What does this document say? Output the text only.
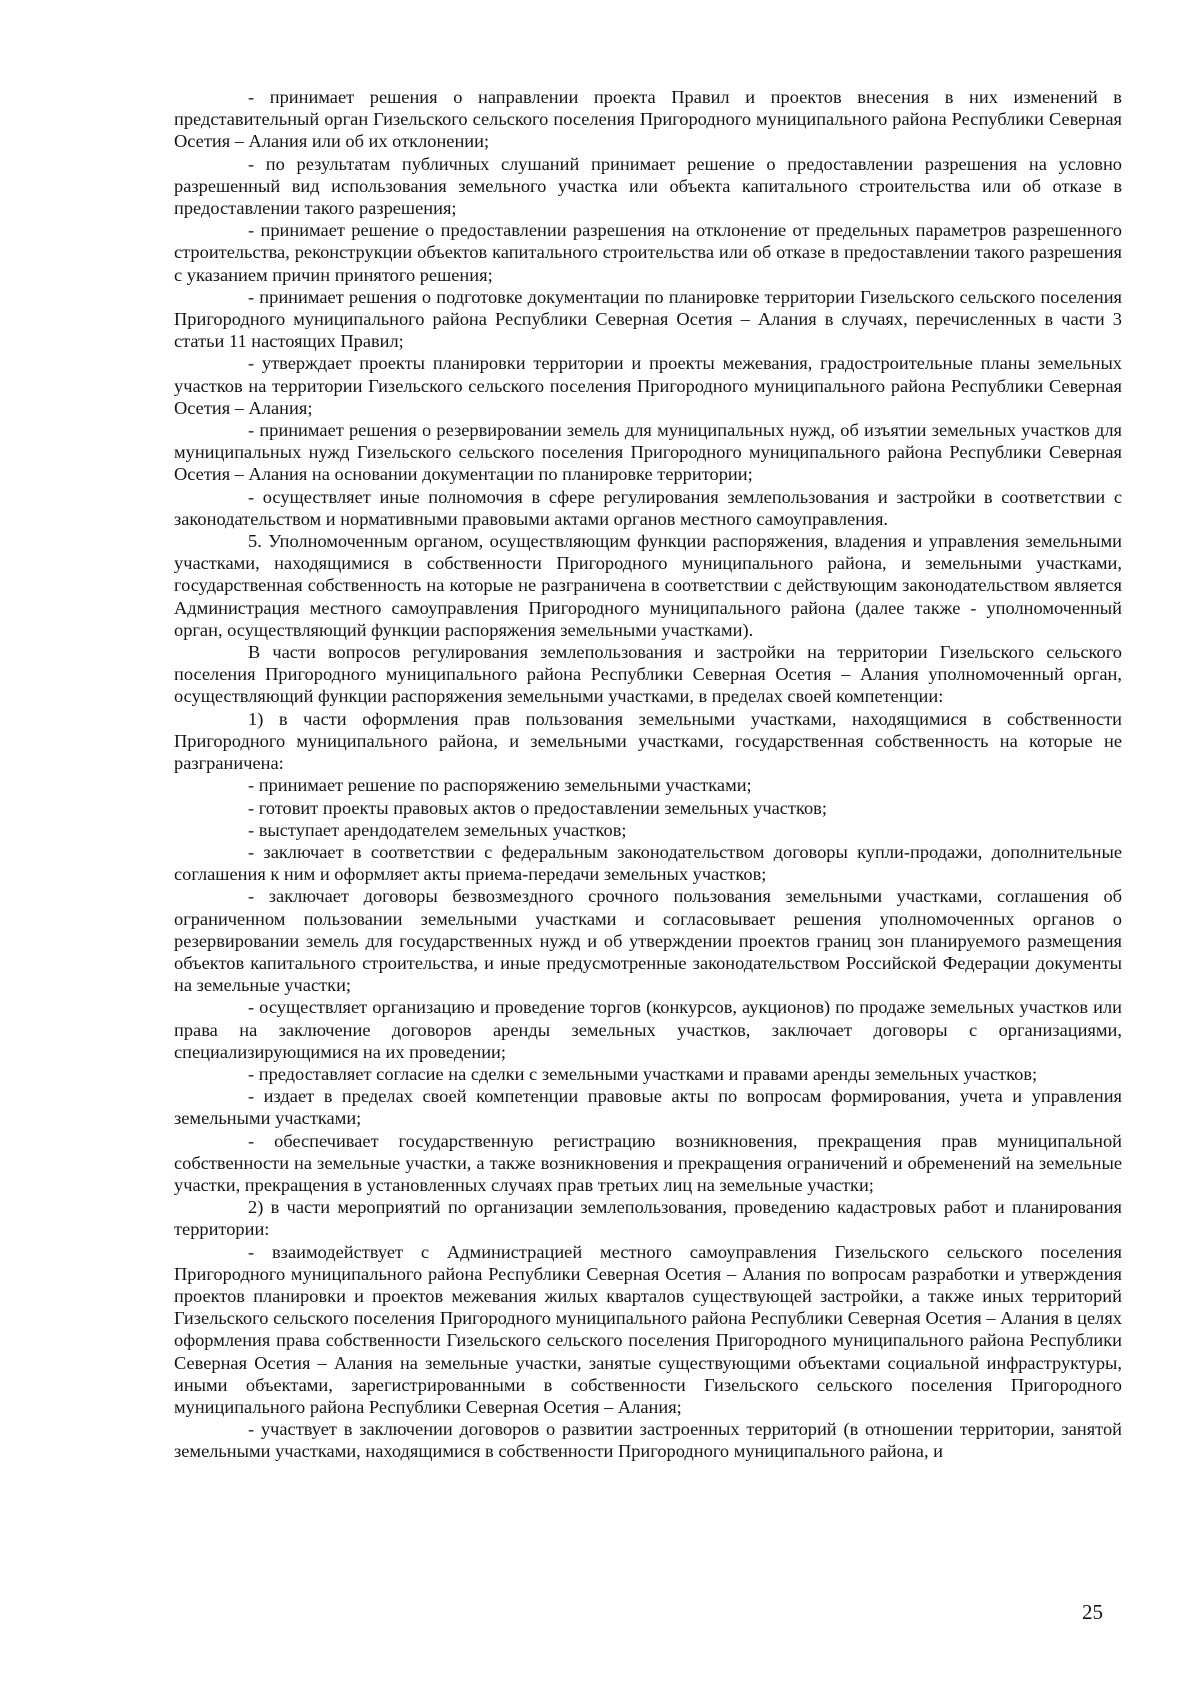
- принимает решения о направлении проекта Правил и проектов внесения в них изменений в представительный орган Гизельского сельского поселения Пригородного муниципального района Республики Северная Осетия – Алания или об их отклонении;

- по результатам публичных слушаний принимает решение о предоставлении разрешения на условно разрешенный вид использования земельного участка или объекта капитального строительства или об отказе в предоставлении такого разрешения;

- принимает решение о предоставлении разрешения на отклонение от предельных параметров разрешенного строительства, реконструкции объектов капитального строительства или об отказе в предоставлении такого разрешения с указанием причин принятого решения;

- принимает решения о подготовке документации по планировке территории Гизельского сельского поселения Пригородного муниципального района Республики Северная Осетия – Алания в случаях, перечисленных в части 3 статьи 11 настоящих Правил;

- утверждает проекты планировки территории и проекты межевания, градостроительные планы земельных участков на территории Гизельского сельского поселения Пригородного муниципального района Республики Северная Осетия – Алания;

- принимает решения о резервировании земель для муниципальных нужд, об изъятии земельных участков для муниципальных нужд Гизельского сельского поселения Пригородного муниципального района Республики Северная Осетия – Алания на основании документации по планировке территории;

- осуществляет иные полномочия в сфере регулирования землепользования и застройки в соответствии с законодательством и нормативными правовыми актами органов местного самоуправления.

5. Уполномоченным органом, осуществляющим функции распоряжения, владения и управления земельными участками, находящимися в собственности Пригородного муниципального района, и земельными участками, государственная собственность на которые не разграничена в соответствии с действующим законодательством является Администрация местного самоуправления Пригородного муниципального района (далее также - уполномоченный орган, осуществляющий функции распоряжения земельными участками).

В части вопросов регулирования землепользования и застройки на территории Гизельского сельского поселения Пригородного муниципального района Республики Северная Осетия – Алания уполномоченный орган, осуществляющий функции распоряжения земельными участками, в пределах своей компетенции:

1) в части оформления прав пользования земельными участками, находящимися в собственности Пригородного муниципального района, и земельными участками, государственная собственность на которые не разграничена:

- принимает решение по распоряжению земельными участками;

- готовит проекты правовых актов о предоставлении земельных участков;

- выступает арендодателем земельных участков;

- заключает в соответствии с федеральным законодательством договоры купли-продажи, дополнительные соглашения к ним и оформляет акты приема-передачи земельных участков;

- заключает договоры безвозмездного срочного пользования земельными участками, соглашения об ограниченном пользовании земельными участками и согласовывает решения уполномоченных органов о резервировании земель для государственных нужд и об утверждении проектов границ зон планируемого размещения объектов капитального строительства, и иные предусмотренные законодательством Российской Федерации документы на земельные участки;

- осуществляет организацию и проведение торгов (конкурсов, аукционов) по продаже земельных участков или права на заключение договоров аренды земельных участков, заключает договоры с организациями, специализирующимися на их проведении;

- предоставляет согласие на сделки с земельными участками и правами аренды земельных участков;

- издает в пределах своей компетенции правовые акты по вопросам формирования, учета и управления земельными участками;

- обеспечивает государственную регистрацию возникновения, прекращения прав муниципальной собственности на земельные участки, а также возникновения и прекращения ограничений и обременений на земельные участки, прекращения в установленных случаях прав третьих лиц на земельные участки;

2) в части мероприятий по организации землепользования, проведению кадастровых работ и планирования территории:

- взаимодействует с Администрацией местного самоуправления Гизельского сельского поселения Пригородного муниципального района Республики Северная Осетия – Алания по вопросам разработки и утверждения проектов планировки и проектов межевания жилых кварталов существующей застройки, а также иных территорий Гизельского сельского поселения Пригородного муниципального района Республики Северная Осетия – Алания в целях оформления права собственности Гизельского сельского поселения Пригородного муниципального района Республики Северная Осетия – Алания на земельные участки, занятые существующими объектами социальной инфраструктуры, иными объектами, зарегистрированными в собственности Гизельского сельского поселения Пригородного муниципального района Республики Северная Осетия – Алания;

- участвует в заключении договоров о развитии застроенных территорий (в отношении территории, занятой земельными участками, находящимися в собственности Пригородного муниципального района, и

25
